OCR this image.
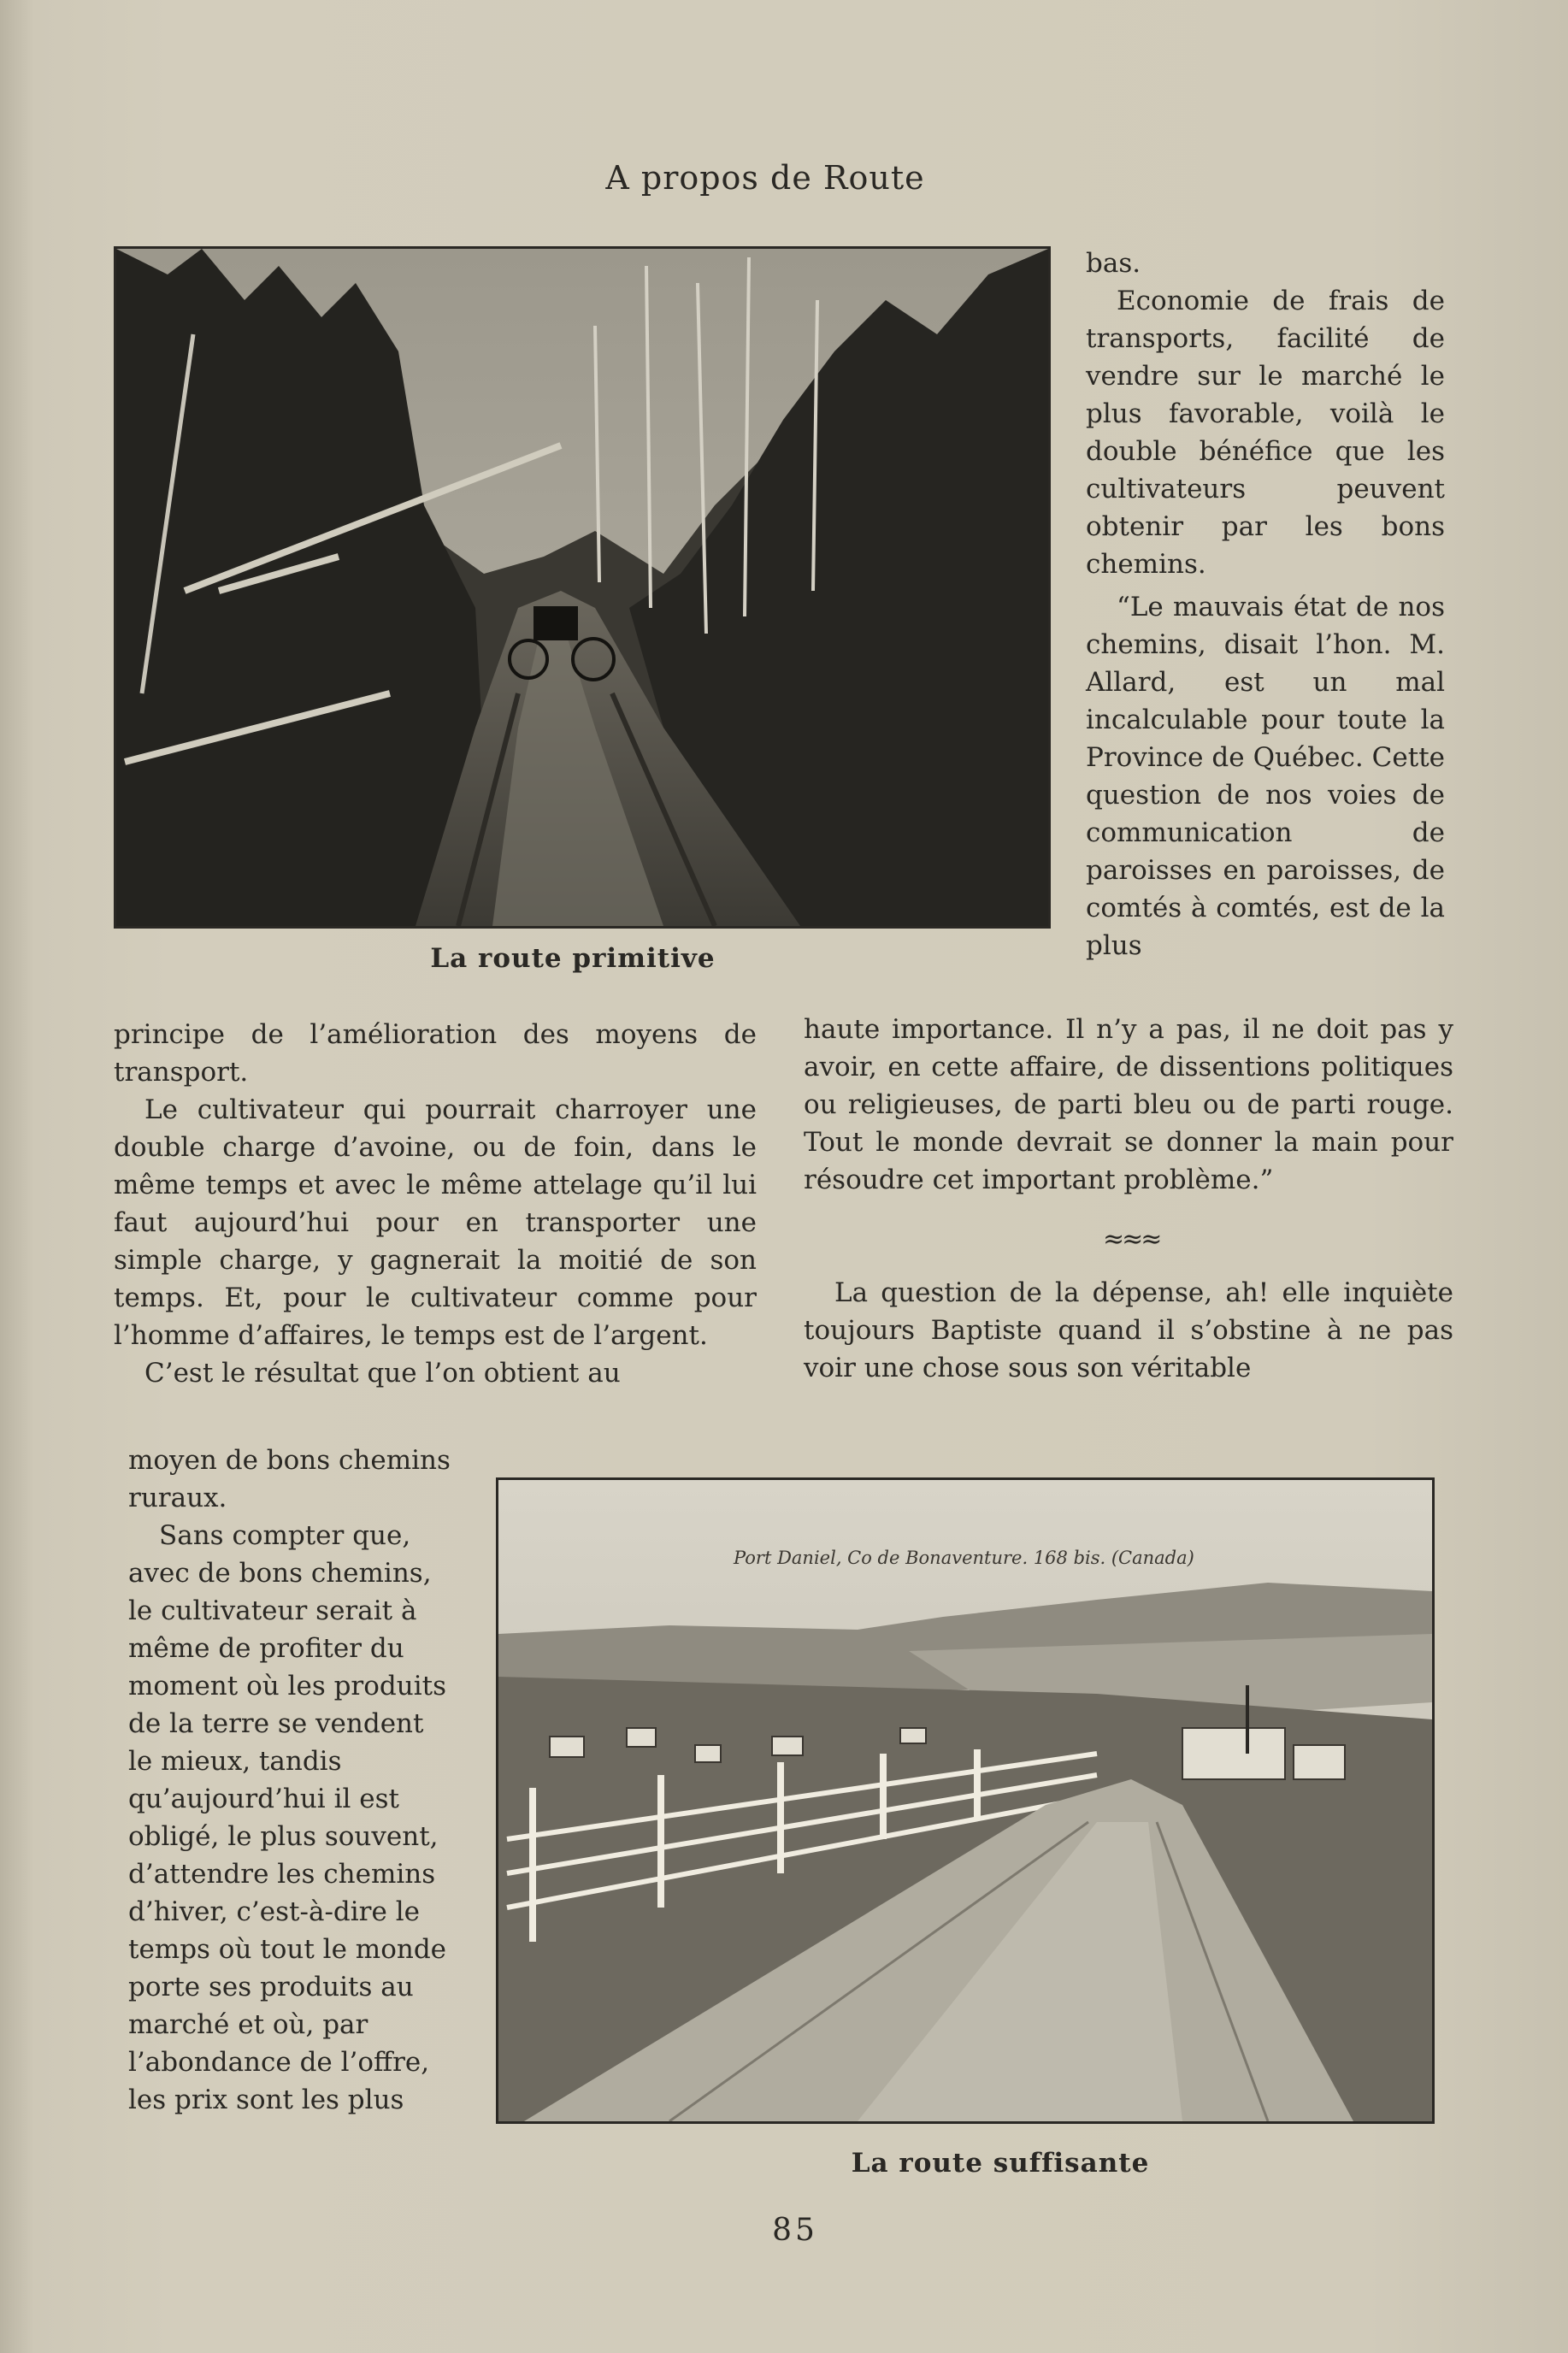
A propos de Route
La route primitive

bas.

Economie de frais de transports, facilité de vendre sur le marché le plus favorable, voilà le double bénéfice que les cultivateurs peuvent obtenir par les bons chemins.

“Le mauvais état de nos chemins, disait l’hon. M. Allard, est un mal incalculable pour toute la Province de Québec. Cette question de nos voies de communication de paroisses en paroisses, de comtés à comtés, est de la plus

principe de l’amélioration des moyens de transport.

Le cultivateur qui pourrait charroyer une double charge d’avoine, ou de foin, dans le même temps et avec le même attelage qu’il lui faut aujourd’hui pour en transporter une simple charge, y gagnerait la moitié de son temps. Et, pour le cultivateur comme pour l’homme d’affaires, le temps est de l’argent.

C’est le résultat que l’on obtient au

haute importance. Il n’y a pas, il ne doit pas y avoir, en cette affaire, de dissentions politiques ou religieuses, de parti bleu ou de parti rouge. Tout le monde devrait se donner la main pour résoudre cet important problème.”

La question de la dépense, ah! elle inquiète toujours Baptiste quand il s’obstine à ne pas voir une chose sous son véritable

≈≈≈

moyen de bons chemins ruraux.

Sans compter que, avec de bons chemins, le cultivateur serait à même de profiter du moment où les produits de la terre se vendent le mieux, tandis qu’aujourd’hui il est obligé, le plus souvent, d’attendre les chemins d’hiver, c’est-à-dire le temps où tout le monde porte ses produits au marché et où, par l’abondance de l’offre, les prix sont les plus

Port Daniel, Co de Bonaventure. 168 bis. (Canada)
La route suffisante
85
